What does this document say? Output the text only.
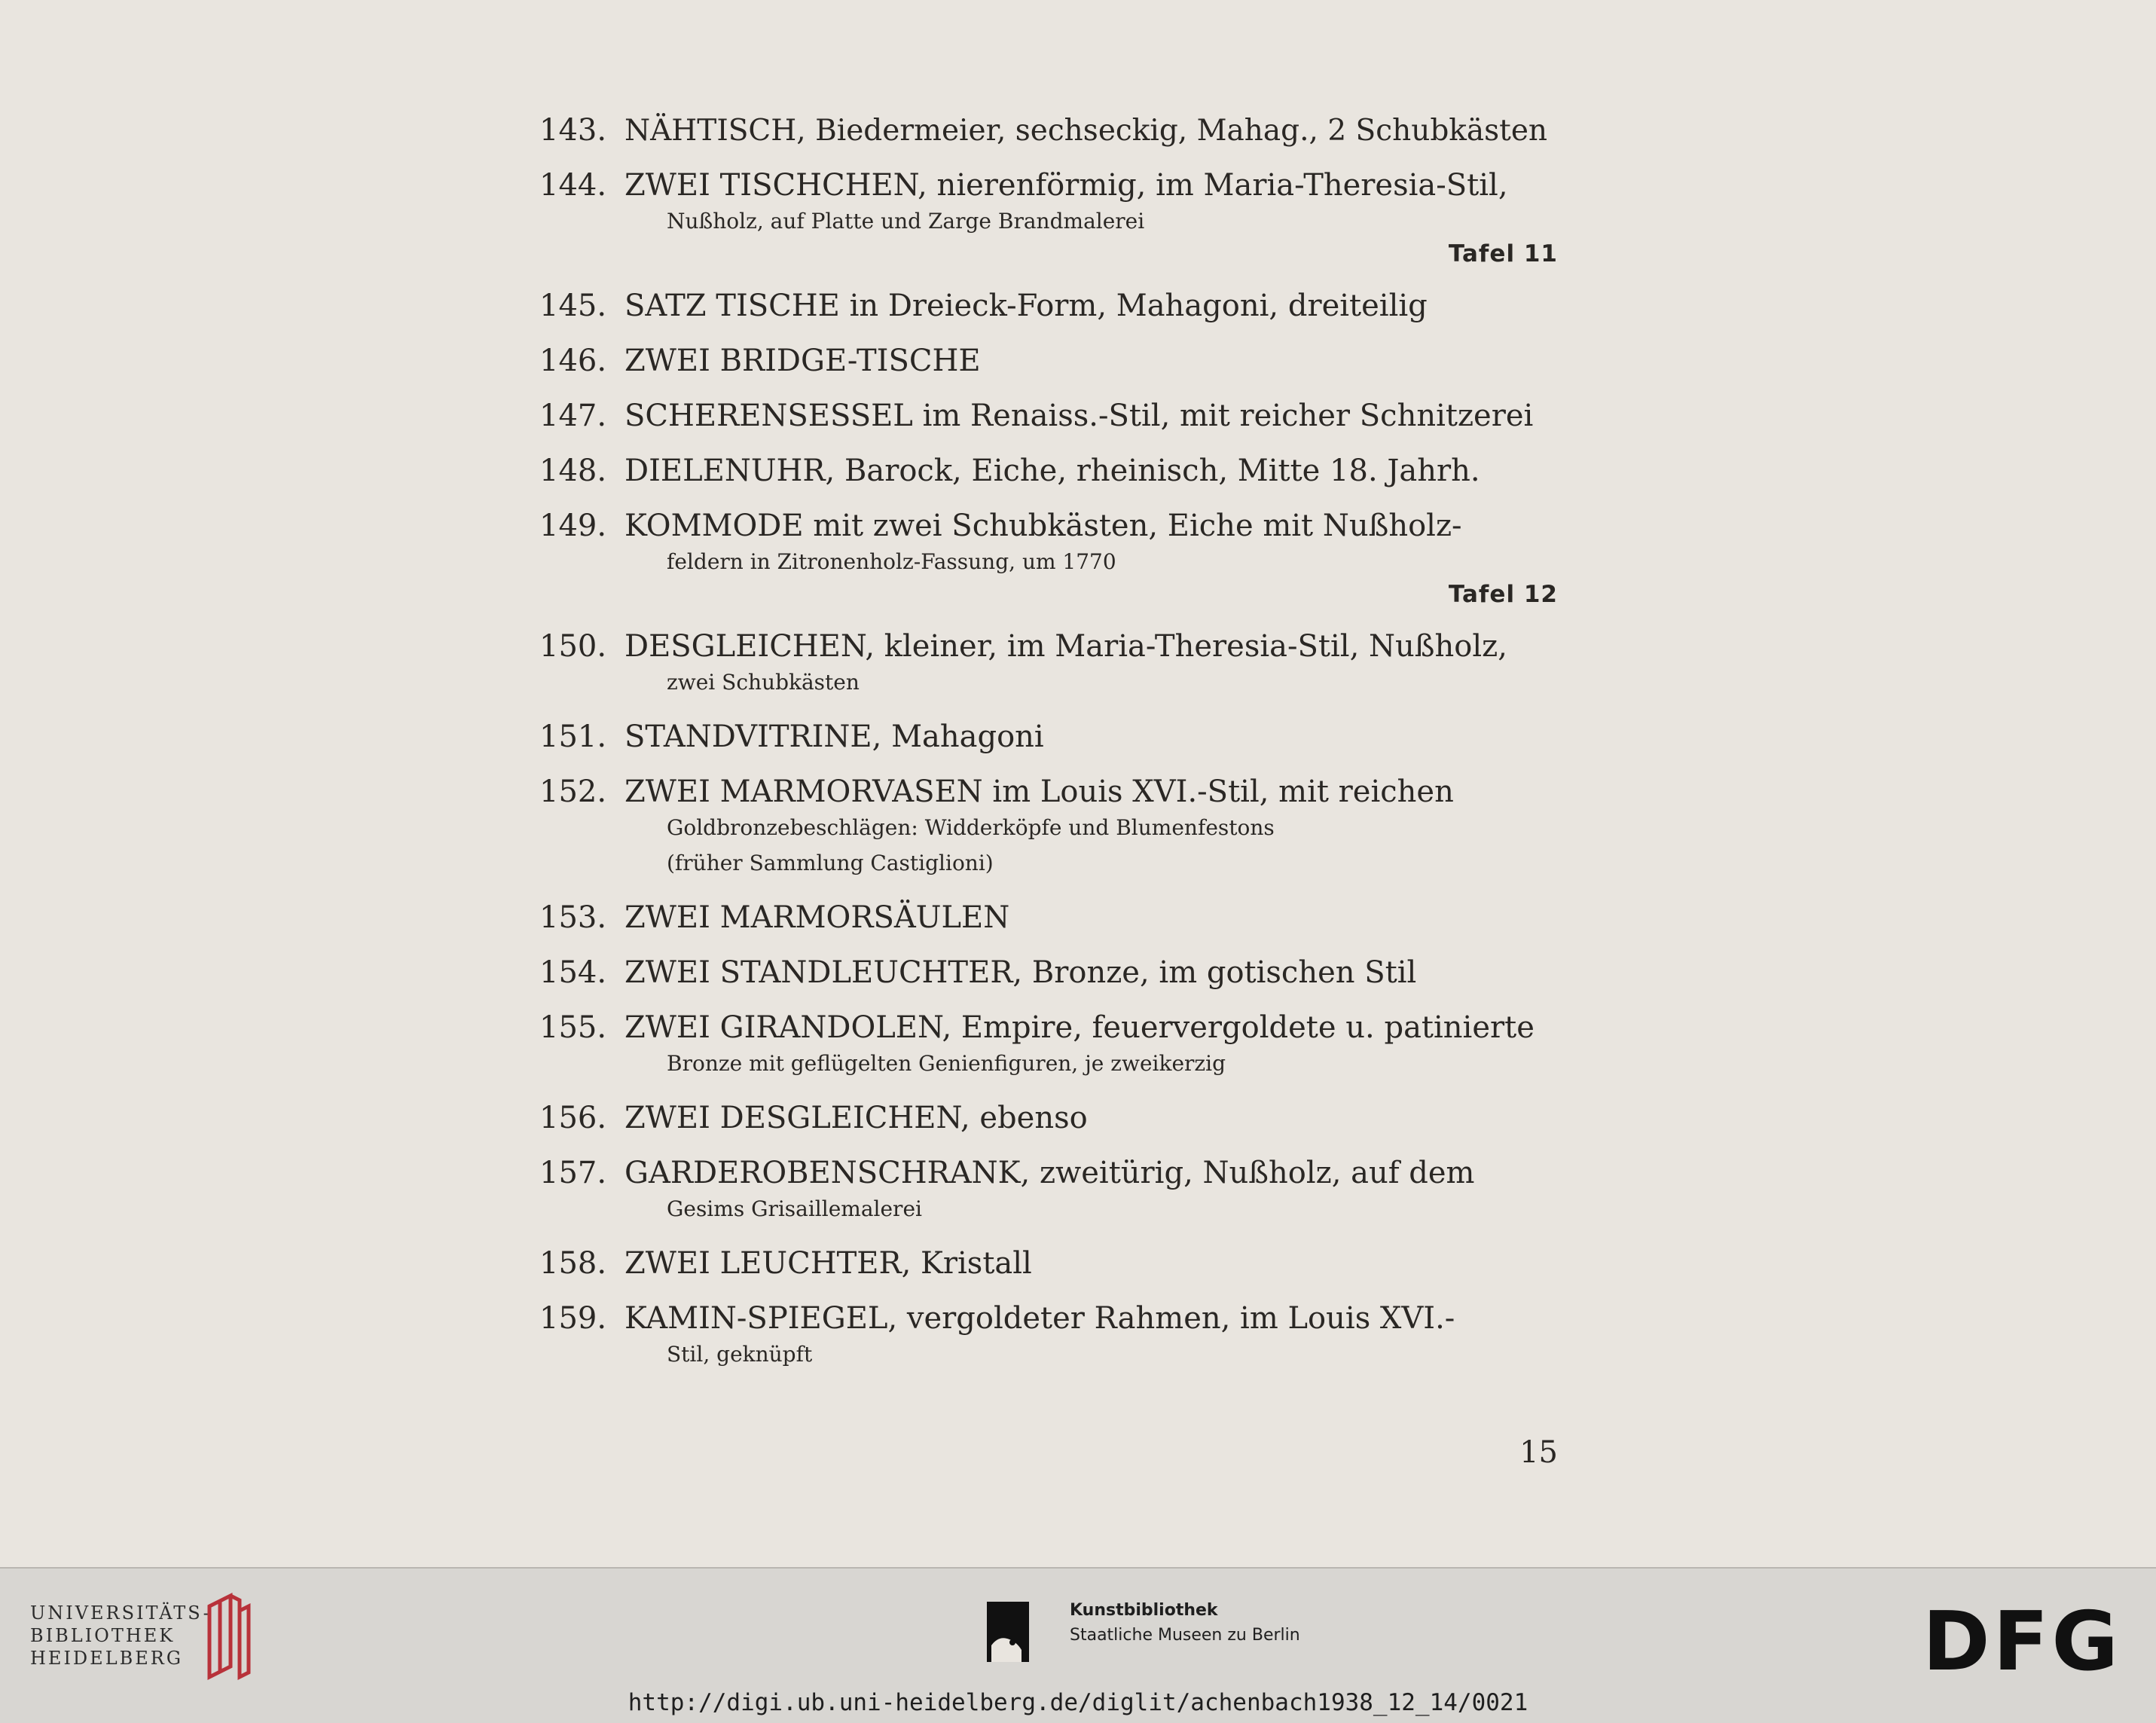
143. NÄHTISCH, Biedermeier, sechseckig, Mahag., 2 Schubkästen
144. ZWEI TISCHCHEN, nierenförmig, im Maria-Theresia-Stil,
Nußholz, auf Platte und Zarge Brandmalerei
Tafel 11
145. SATZ TISCHE in Dreieck-Form, Mahagoni, dreiteilig
146. ZWEI BRIDGE-TISCHE
147. SCHERENSESSEL im Renaiss.-Stil, mit reicher Schnitzerei
148. DIELENUHR, Barock, Eiche, rheinisch, Mitte 18. Jahrh.
149. KOMMODE mit zwei Schubkästen, Eiche mit Nußholz-
feldern in Zitronenholz-Fassung, um 1770
Tafel 12
150. DESGLEICHEN, kleiner, im Maria-Theresia-Stil, Nußholz,
zwei Schubkästen
151. STANDVITRINE, Mahagoni
152. ZWEI MARMORVASEN im Louis XVI.-Stil, mit reichen
Goldbronzebeschlägen: Widderköpfe und Blumenfestons
(früher Sammlung Castiglioni)
153. ZWEI MARMORSÄULEN
154. ZWEI STANDLEUCHTER, Bronze, im gotischen Stil
155. ZWEI GIRANDOLEN, Empire, feuervergoldete u. patinierte
Bronze mit geflügelten Genienfiguren, je zweikerzig
156. ZWEI DESGLEICHEN, ebenso
157. GARDEROBENSCHRANK, zweitürig, Nußholz, auf dem
Gesims Grisaillemalerei
158. ZWEI LEUCHTER, Kristall
159. KAMIN-SPIEGEL, vergoldeter Rahmen, im Louis XVI.-
Stil, geknüpft
15
UNIVERSITÄTS-
BIBLIOTHEK
HEIDELBERG
Kunstbibliothek
Staatliche Museen zu Berlin	DFG
http://digi.ub.uni-heidelberg.de/diglit/achenbach1938_12_14/0021
